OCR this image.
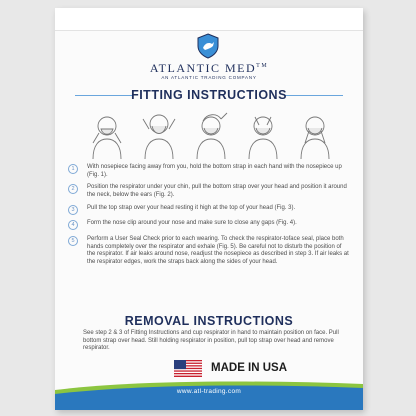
ATLANTIC MED™
AN ATLANTIC TRADING COMPANY
FITTING INSTRUCTIONS
1	With nosepiece facing away from you, hold the bottom strap in each hand with the nosepiece up (Fig. 1).
2	Position the respirator under your chin, pull the bottom strap over your head and position it around the neck, below the ears (Fig. 2).
3	Pull the top strap over your head resting it high at the top of your head (Fig. 3).
4	Form the nose clip around your nose and make sure to close any gaps (Fig. 4).
5	Perform a User Seal Check prior to each wearing. To check the respirator-toface seal, place both hands completely over the respirator and exhale (Fig. 5). Be careful not to disturb the position of the respirator. If air leaks around nose, readjust the nosepiece as described in step 3. If air leaks at the respirator edges, work the straps back along the sides of your head.
REMOVAL INSTRUCTIONS
See step 2 & 3 of Fitting Instructions and cup respirator in hand to maintain position on face. Pull bottom strap over head. Still holding respirator in position, pull top strap over head and remove respirator.
MADE IN USA
www.atl-trading.com
